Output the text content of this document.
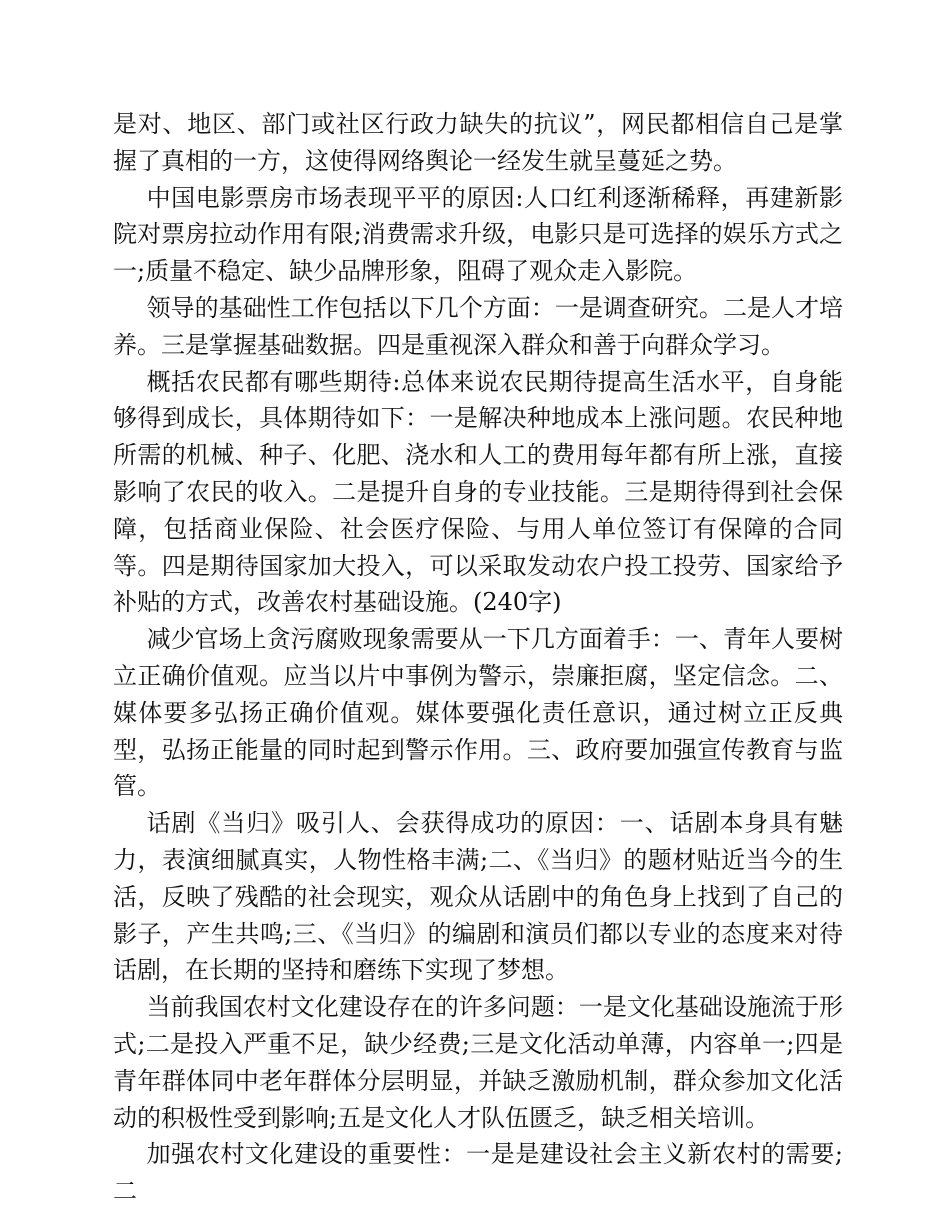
是对、地区、部门或社区行政力缺失的抗议”，网民都相信自己是掌握了真相的一方，这使得网络舆论一经发生就呈蔓延之势。

中国电影票房市场表现平平的原因:人口红利逐渐稀释，再建新影院对票房拉动作用有限;消费需求升级，电影只是可选择的娱乐方式之一;质量不稳定、缺少品牌形象，阻碍了观众走入影院。

领导的基础性工作包括以下几个方面：一是调查研究。二是人才培养。三是掌握基础数据。四是重视深入群众和善于向群众学习。

概括农民都有哪些期待:总体来说农民期待提高生活水平，自身能够得到成长，具体期待如下：一是解决种地成本上涨问题。农民种地所需的机械、种子、化肥、浇水和人工的费用每年都有所上涨，直接影响了农民的收入。二是提升自身的专业技能。三是期待得到社会保障，包括商业保险、社会医疗保险、与用人单位签订有保障的合同等。四是期待国家加大投入，可以采取发动农户投工投劳、国家给予补贴的方式，改善农村基础设施。(240字)

减少官场上贪污腐败现象需要从一下几方面着手：一、青年人要树立正确价值观。应当以片中事例为警示，崇廉拒腐，坚定信念。二、媒体要多弘扬正确价值观。媒体要强化责任意识，通过树立正反典型，弘扬正能量的同时起到警示作用。三、政府要加强宣传教育与监管。

话剧《当归》吸引人、会获得成功的原因：一、话剧本身具有魅力，表演细腻真实，人物性格丰满;二、《当归》的题材贴近当今的生活，反映了残酷的社会现实，观众从话剧中的角色身上找到了自己的影子，产生共鸣;三、《当归》的编剧和演员们都以专业的态度来对待话剧，在长期的坚持和磨练下实现了梦想。

当前我国农村文化建设存在的许多问题：一是文化基础设施流于形式;二是投入严重不足，缺少经费;三是文化活动单薄，内容单一;四是青年群体同中老年群体分层明显，并缺乏激励机制，群众参加文化活动的积极性受到影响;五是文化人才队伍匮乏，缺乏相关培训。

加强农村文化建设的重要性：一是是建设社会主义新农村的需要;二
